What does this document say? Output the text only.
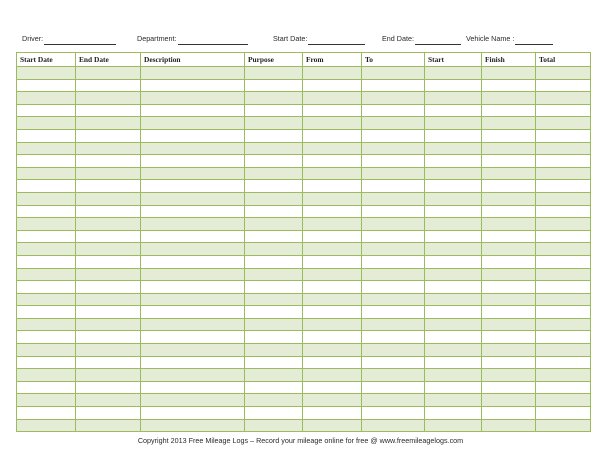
Driver:	Department:	Start Date:	End Date:	Vehicle Name :
Start Date	End Date	Description	Purpose	From	To	Start	Finish	Total

Copyright 2013 Free Mileage Logs – Record your mileage online for free @ www.freemileagelogs.com
